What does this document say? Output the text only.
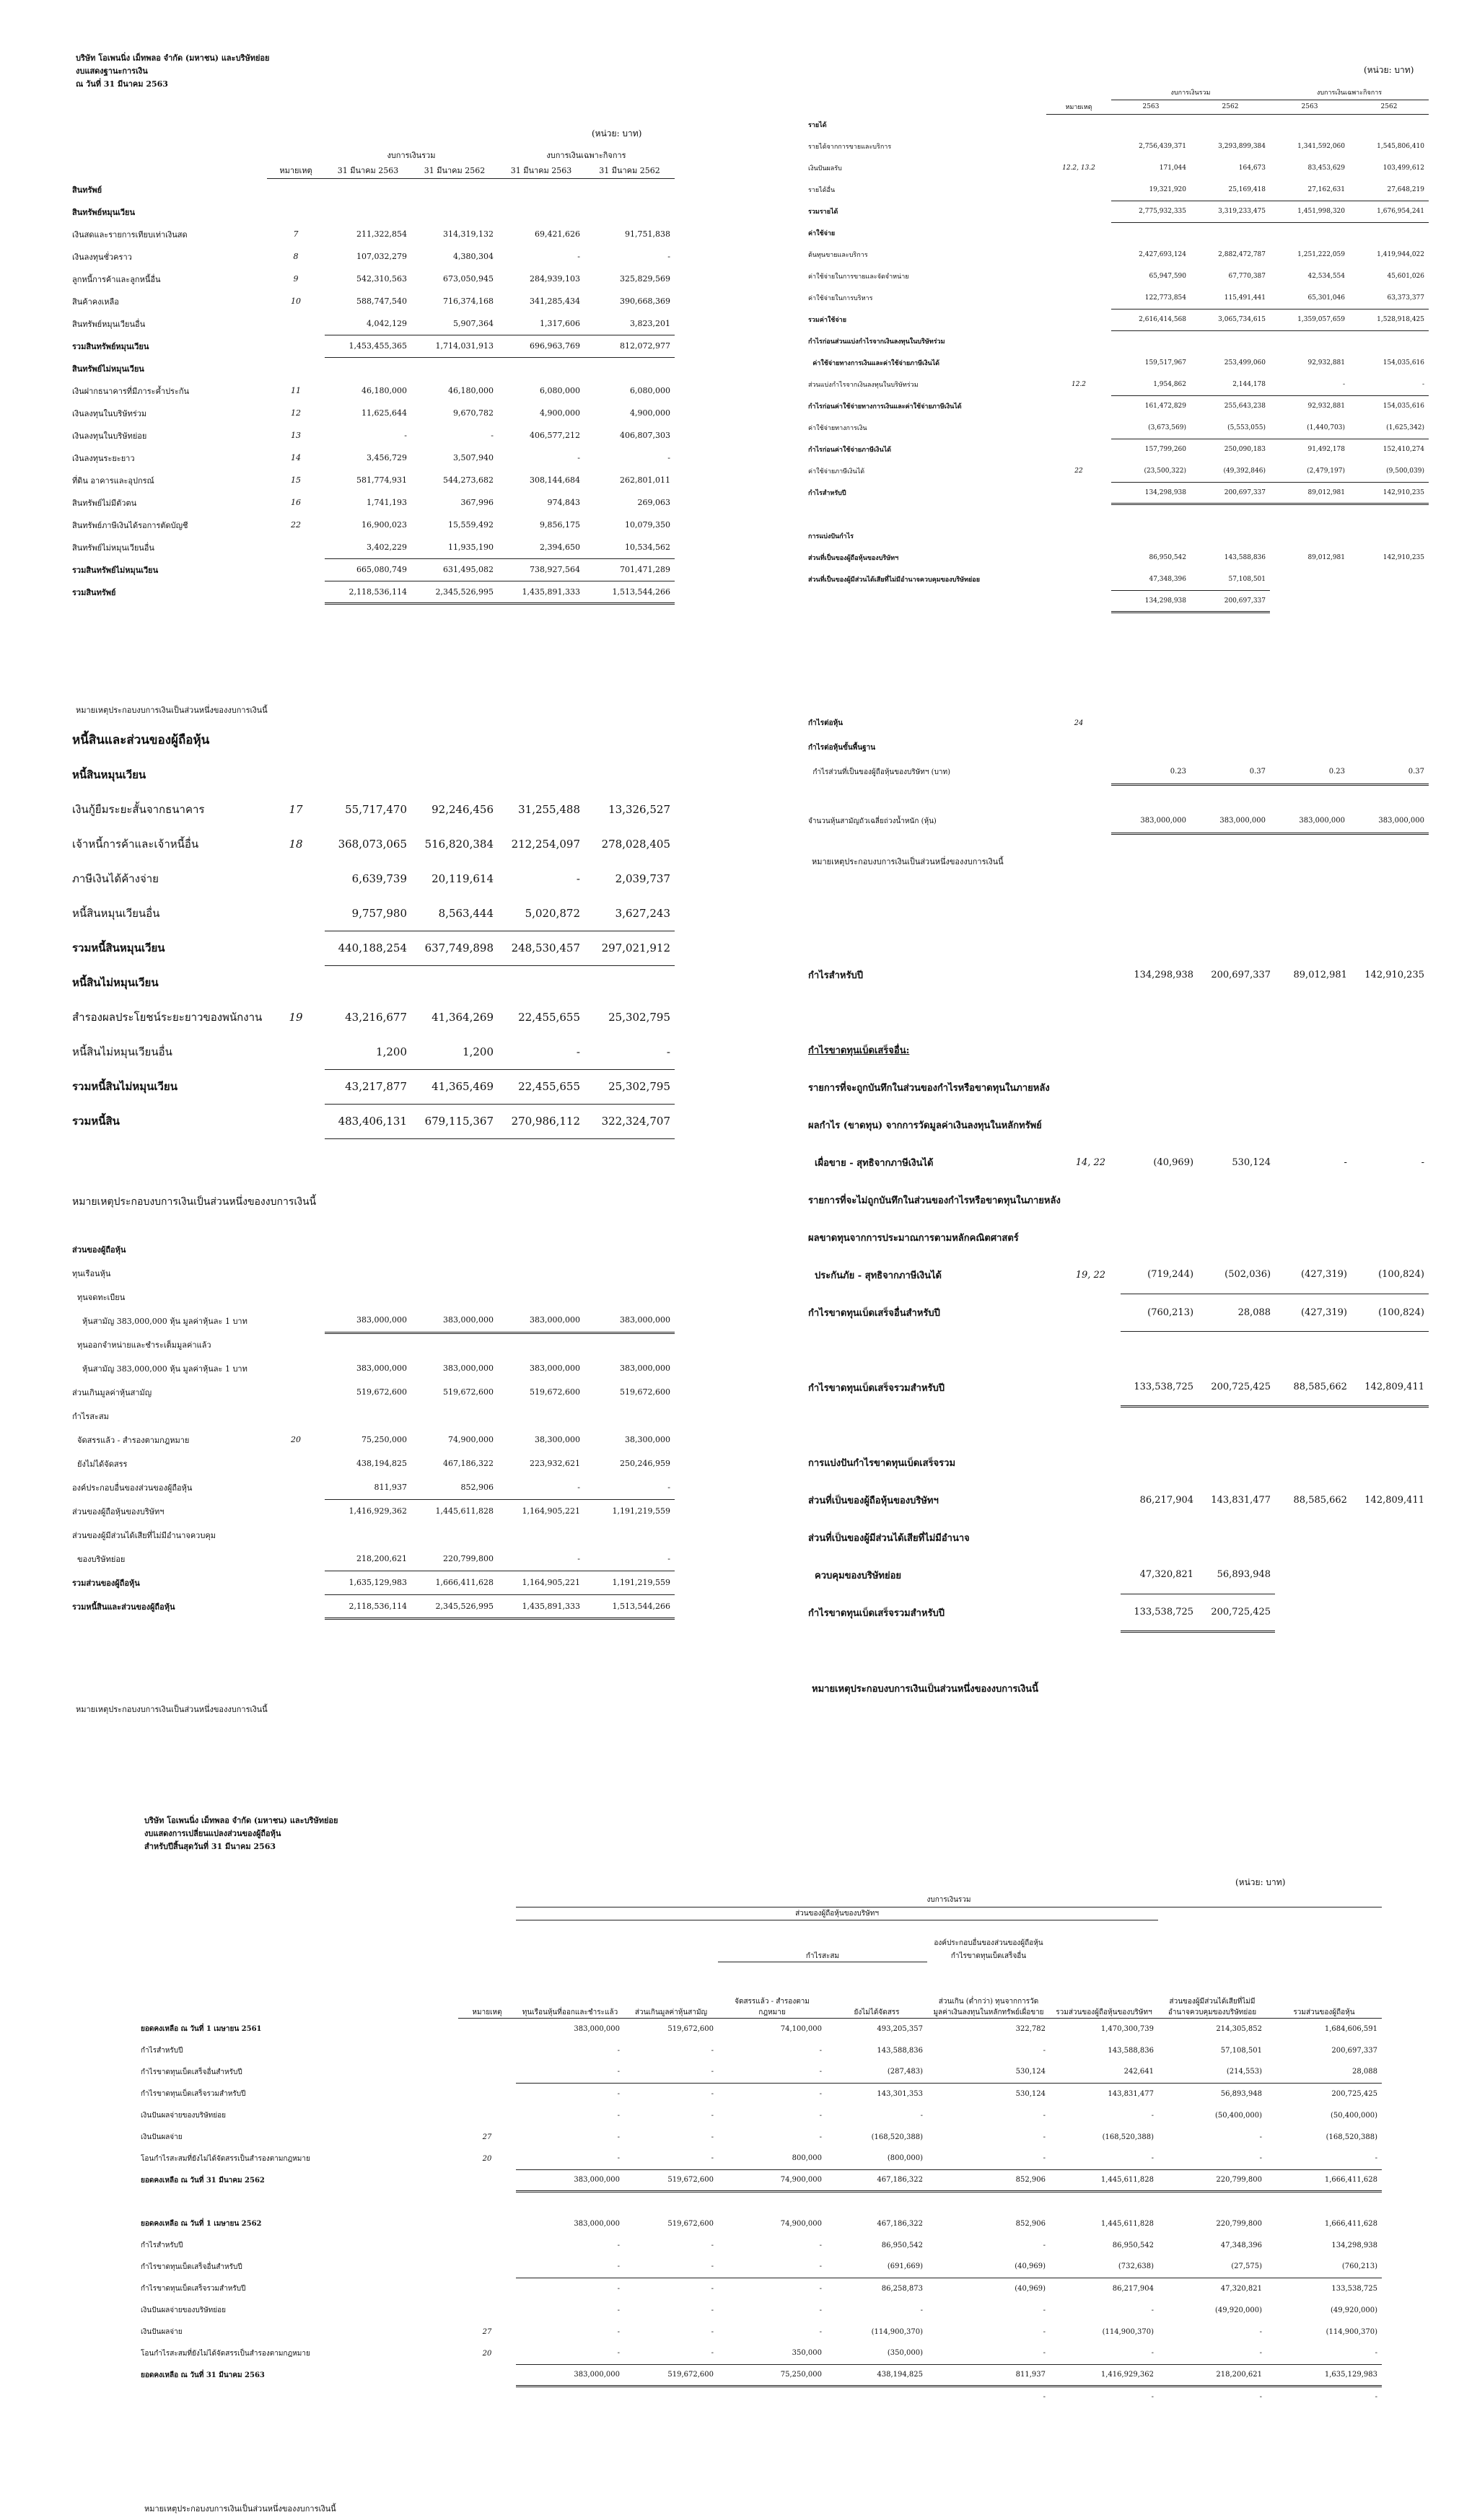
บริษัท โอเพนนิ่ง เม็ทพลอ จำกัด (มหาชน) และบริษัทย่อย
งบแสดงฐานะการเงิน
ณ วันที่ 31 มีนาคม 2563
(หน่วย: บาท)
		งบการเงินรวม		งบการเงินเฉพาะกิจการ	
	หมายเหตุ	31 มีนาคม 2563	31 มีนาคม 2562	31 มีนาคม 2563	31 มีนาคม 2562
สินทรัพย์					
สินทรัพย์หมุนเวียน					
เงินสดและรายการเทียบเท่าเงินสด	7	211,322,854	314,319,132	69,421,626	91,751,838
เงินลงทุนชั่วคราว	8	107,032,279	4,380,304	-	-
ลูกหนี้การค้าและลูกหนี้อื่น	9	542,310,563	673,050,945	284,939,103	325,829,569
สินค้าคงเหลือ	10	588,747,540	716,374,168	341,285,434	390,668,369
สินทรัพย์หมุนเวียนอื่น		4,042,129	5,907,364	1,317,606	3,823,201
รวมสินทรัพย์หมุนเวียน		1,453,455,365	1,714,031,913	696,963,769	812,072,977
สินทรัพย์ไม่หมุนเวียน					
เงินฝากธนาคารที่มีภาระค้ำประกัน	11	46,180,000	46,180,000	6,080,000	6,080,000
เงินลงทุนในบริษัทร่วม	12	11,625,644	9,670,782	4,900,000	4,900,000
เงินลงทุนในบริษัทย่อย	13	-	-	406,577,212	406,807,303
เงินลงทุนระยะยาว	14	3,456,729	3,507,940	-	-
ที่ดิน อาคารและอุปกรณ์	15	581,774,931	544,273,682	308,144,684	262,801,011
สินทรัพย์ไม่มีตัวตน	16	1,741,193	367,996	974,843	269,063
สินทรัพย์ภาษีเงินได้รอการตัดบัญชี	22	16,900,023	15,559,492	9,856,175	10,079,350
สินทรัพย์ไม่หมุนเวียนอื่น		3,402,229	11,935,190	2,394,650	10,534,562
รวมสินทรัพย์ไม่หมุนเวียน		665,080,749	631,495,082	738,927,564	701,471,289
รวมสินทรัพย์		2,118,536,114	2,345,526,995	1,435,891,333	1,513,544,266
หมายเหตุประกอบงบการเงินเป็นส่วนหนึ่งของงบการเงินนี้
หนี้สินและส่วนของผู้ถือหุ้น
หนี้สินหมุนเวียน					
เงินกู้ยืมระยะสั้นจากธนาคาร	17	55,717,470	92,246,456	31,255,488	13,326,527
เจ้าหนี้การค้าและเจ้าหนี้อื่น	18	368,073,065	516,820,384	212,254,097	278,028,405
ภาษีเงินได้ค้างจ่าย		6,639,739	20,119,614	-	2,039,737
หนี้สินหมุนเวียนอื่น		9,757,980	8,563,444	5,020,872	3,627,243
รวมหนี้สินหมุนเวียน		440,188,254	637,749,898	248,530,457	297,021,912
หนี้สินไม่หมุนเวียน					
สำรองผลประโยชน์ระยะยาวของพนักงาน	19	43,216,677	41,364,269	22,455,655	25,302,795
หนี้สินไม่หมุนเวียนอื่น		1,200	1,200	-	-
รวมหนี้สินไม่หมุนเวียน		43,217,877	41,365,469	22,455,655	25,302,795
รวมหนี้สิน		483,406,131	679,115,367	270,986,112	322,324,707
หมายเหตุประกอบงบการเงินเป็นส่วนหนึ่งของงบการเงินนี้
ส่วนของผู้ถือหุ้น					
ทุนเรือนหุ้น					
ทุนจดทะเบียน					
หุ้นสามัญ 383,000,000 หุ้น มูลค่าหุ้นละ 1 บาท		383,000,000	383,000,000	383,000,000	383,000,000
ทุนออกจำหน่ายและชำระเต็มมูลค่าแล้ว					
หุ้นสามัญ 383,000,000 หุ้น มูลค่าหุ้นละ 1 บาท		383,000,000	383,000,000	383,000,000	383,000,000
ส่วนเกินมูลค่าหุ้นสามัญ		519,672,600	519,672,600	519,672,600	519,672,600
กำไรสะสม					
จัดสรรแล้ว - สำรองตามกฎหมาย	20	75,250,000	74,900,000	38,300,000	38,300,000
ยังไม่ได้จัดสรร		438,194,825	467,186,322	223,932,621	250,246,959
องค์ประกอบอื่นของส่วนของผู้ถือหุ้น		811,937	852,906	-	-
ส่วนของผู้ถือหุ้นของบริษัทฯ		1,416,929,362	1,445,611,828	1,164,905,221	1,191,219,559
ส่วนของผู้มีส่วนได้เสียที่ไม่มีอำนาจควบคุม					
ของบริษัทย่อย		218,200,621	220,799,800	-	-
รวมส่วนของผู้ถือหุ้น		1,635,129,983	1,666,411,628	1,164,905,221	1,191,219,559
รวมหนี้สินและส่วนของผู้ถือหุ้น		2,118,536,114	2,345,526,995	1,435,891,333	1,513,544,266
หมายเหตุประกอบงบการเงินเป็นส่วนหนึ่งของงบการเงินนี้
(หน่วย: บาท)
		งบการเงินรวม		งบการเงินเฉพาะกิจการ	
	หมายเหตุ	2563	2562	2563	2562
รายได้					
รายได้จากการขายและบริการ		2,756,439,371	3,293,899,384	1,341,592,060	1,545,806,410
เงินปันผลรับ	12.2, 13.2	171,044	164,673	83,453,629	103,499,612
รายได้อื่น		19,321,920	25,169,418	27,162,631	27,648,219
รวมรายได้		2,775,932,335	3,319,233,475	1,451,998,320	1,676,954,241
ค่าใช้จ่าย					
ต้นทุนขายและบริการ		2,427,693,124	2,882,472,787	1,251,222,059	1,419,944,022
ค่าใช้จ่ายในการขายและจัดจำหน่าย		65,947,590	67,770,387	42,534,554	45,601,026
ค่าใช้จ่ายในการบริหาร		122,773,854	115,491,441	65,301,046	63,373,377
รวมค่าใช้จ่าย		2,616,414,568	3,065,734,615	1,359,057,659	1,528,918,425
กำไรก่อนส่วนแบ่งกำไรจากเงินลงทุนในบริษัทร่วม					
ค่าใช้จ่ายทางการเงินและค่าใช้จ่ายภาษีเงินได้		159,517,967	253,499,060	92,932,881	154,035,616
ส่วนแบ่งกำไรจากเงินลงทุนในบริษัทร่วม	12.2	1,954,862	2,144,178	-	-
กำไรก่อนค่าใช้จ่ายทางการเงินและค่าใช้จ่ายภาษีเงินได้		161,472,829	255,643,238	92,932,881	154,035,616
ค่าใช้จ่ายทางการเงิน		(3,673,569)	(5,553,055)	(1,440,703)	(1,625,342)
กำไรก่อนค่าใช้จ่ายภาษีเงินได้		157,799,260	250,090,183	91,492,178	152,410,274
ค่าใช้จ่ายภาษีเงินได้	22	(23,500,322)	(49,392,846)	(2,479,197)	(9,500,039)
กำไรสำหรับปี		134,298,938	200,697,337	89,012,981	142,910,235

การแบ่งปันกำไร					
ส่วนที่เป็นของผู้ถือหุ้นของบริษัทฯ		86,950,542	143,588,836	89,012,981	142,910,235
ส่วนที่เป็นของผู้มีส่วนได้เสียที่ไม่มีอำนาจควบคุมของบริษัทย่อย		47,348,396	57,108,501		
		134,298,938	200,697,337		
กำไรต่อหุ้น	24				
กำไรต่อหุ้นขั้นพื้นฐาน					
กำไรส่วนที่เป็นของผู้ถือหุ้นของบริษัทฯ (บาท)		0.23	0.37	0.23	0.37

จำนวนหุ้นสามัญถัวเฉลี่ยถ่วงน้ำหนัก (หุ้น)		383,000,000	383,000,000	383,000,000	383,000,000
หมายเหตุประกอบงบการเงินเป็นส่วนหนึ่งของงบการเงินนี้
กำไรสำหรับปี		134,298,938	200,697,337	89,012,981	142,910,235

กำไรขาดทุนเบ็ดเสร็จอื่น:					
รายการที่จะถูกบันทึกในส่วนของกำไรหรือขาดทุนในภายหลัง					
ผลกำไร (ขาดทุน) จากการวัดมูลค่าเงินลงทุนในหลักทรัพย์					
เผื่อขาย - สุทธิจากภาษีเงินได้	14, 22	(40,969)	530,124	-	-
รายการที่จะไม่ถูกบันทึกในส่วนของกำไรหรือขาดทุนในภายหลัง					
ผลขาดทุนจากการประมาณการตามหลักคณิตศาสตร์					
ประกันภัย - สุทธิจากภาษีเงินได้	19, 22	(719,244)	(502,036)	(427,319)	(100,824)
กำไรขาดทุนเบ็ดเสร็จอื่นสำหรับปี		(760,213)	28,088	(427,319)	(100,824)

กำไรขาดทุนเบ็ดเสร็จรวมสำหรับปี		133,538,725	200,725,425	88,585,662	142,809,411

การแบ่งปันกำไรขาดทุนเบ็ดเสร็จรวม					
ส่วนที่เป็นของผู้ถือหุ้นของบริษัทฯ		86,217,904	143,831,477	88,585,662	142,809,411
ส่วนที่เป็นของผู้มีส่วนได้เสียที่ไม่มีอำนาจ					
ควบคุมของบริษัทย่อย		47,320,821	56,893,948		
กำไรขาดทุนเบ็ดเสร็จรวมสำหรับปี		133,538,725	200,725,425		
หมายเหตุประกอบงบการเงินเป็นส่วนหนึ่งของงบการเงินนี้
บริษัท โอเพนนิ่ง เม็ทพลอ จำกัด (มหาชน) และบริษัทย่อย
งบแสดงการเปลี่ยนแปลงส่วนของผู้ถือหุ้น
สำหรับปีสิ้นสุดวันที่ 31 มีนาคม 2563
(หน่วย: บาท)
		งบการเงินรวม							
		ส่วนของผู้ถือหุ้นของบริษัทฯ							
						องค์ประกอบอื่นของส่วนของผู้ถือหุ้น			
				กำไรสะสม		กำไรขาดทุนเบ็ดเสร็จอื่น			
	หมายเหตุ	ทุนเรือนหุ้นที่ออกและชำระแล้ว	ส่วนเกินมูลค่าหุ้นสามัญ	จัดสรรแล้ว - สำรองตามกฎหมาย	ยังไม่ได้จัดสรร	ส่วนเกิน (ต่ำกว่า) ทุนจากการวัดมูลค่าเงินลงทุนในหลักทรัพย์เผื่อขาย	รวมส่วนของผู้ถือหุ้นของบริษัทฯ	ส่วนของผู้มีส่วนได้เสียที่ไม่มีอำนาจควบคุมของบริษัทย่อย	รวมส่วนของผู้ถือหุ้น
ยอดคงเหลือ ณ วันที่ 1 เมษายน 2561		383,000,000	519,672,600	74,100,000	493,205,357	322,782	1,470,300,739	214,305,852	1,684,606,591
กำไรสำหรับปี		-	-	-	143,588,836	-	143,588,836	57,108,501	200,697,337
กำไรขาดทุนเบ็ดเสร็จอื่นสำหรับปี		-	-	-	(287,483)	530,124	242,641	(214,553)	28,088
กำไรขาดทุนเบ็ดเสร็จรวมสำหรับปี		-	-	-	143,301,353	530,124	143,831,477	56,893,948	200,725,425
เงินปันผลจ่ายของบริษัทย่อย		-	-	-	-	-	-	(50,400,000)	(50,400,000)
เงินปันผลจ่าย	27	-	-	-	(168,520,388)	-	(168,520,388)	-	(168,520,388)
โอนกำไรสะสมที่ยังไม่ได้จัดสรรเป็นสำรองตามกฎหมาย	20	-	-	800,000	(800,000)	-	-	-	-
ยอดคงเหลือ ณ วันที่ 31 มีนาคม 2562		383,000,000	519,672,600	74,900,000	467,186,322	852,906	1,445,611,828	220,799,800	1,666,411,628

ยอดคงเหลือ ณ วันที่ 1 เมษายน 2562		383,000,000	519,672,600	74,900,000	467,186,322	852,906	1,445,611,828	220,799,800	1,666,411,628
กำไรสำหรับปี		-	-	-	86,950,542	-	86,950,542	47,348,396	134,298,938
กำไรขาดทุนเบ็ดเสร็จอื่นสำหรับปี		-	-	-	(691,669)	(40,969)	(732,638)	(27,575)	(760,213)
กำไรขาดทุนเบ็ดเสร็จรวมสำหรับปี		-	-	-	86,258,873	(40,969)	86,217,904	47,320,821	133,538,725
เงินปันผลจ่ายของบริษัทย่อย		-	-	-	-	-	-	(49,920,000)	(49,920,000)
เงินปันผลจ่าย	27	-	-	-	(114,900,370)	-	(114,900,370)	-	(114,900,370)
โอนกำไรสะสมที่ยังไม่ได้จัดสรรเป็นสำรองตามกฎหมาย	20	-	-	350,000	(350,000)	-	-	-	-
ยอดคงเหลือ ณ วันที่ 31 มีนาคม 2563		383,000,000	519,672,600	75,250,000	438,194,825	811,937	1,416,929,362	218,200,621	1,635,129,983
						-	-	-	-
หมายเหตุประกอบงบการเงินเป็นส่วนหนึ่งของงบการเงินนี้
